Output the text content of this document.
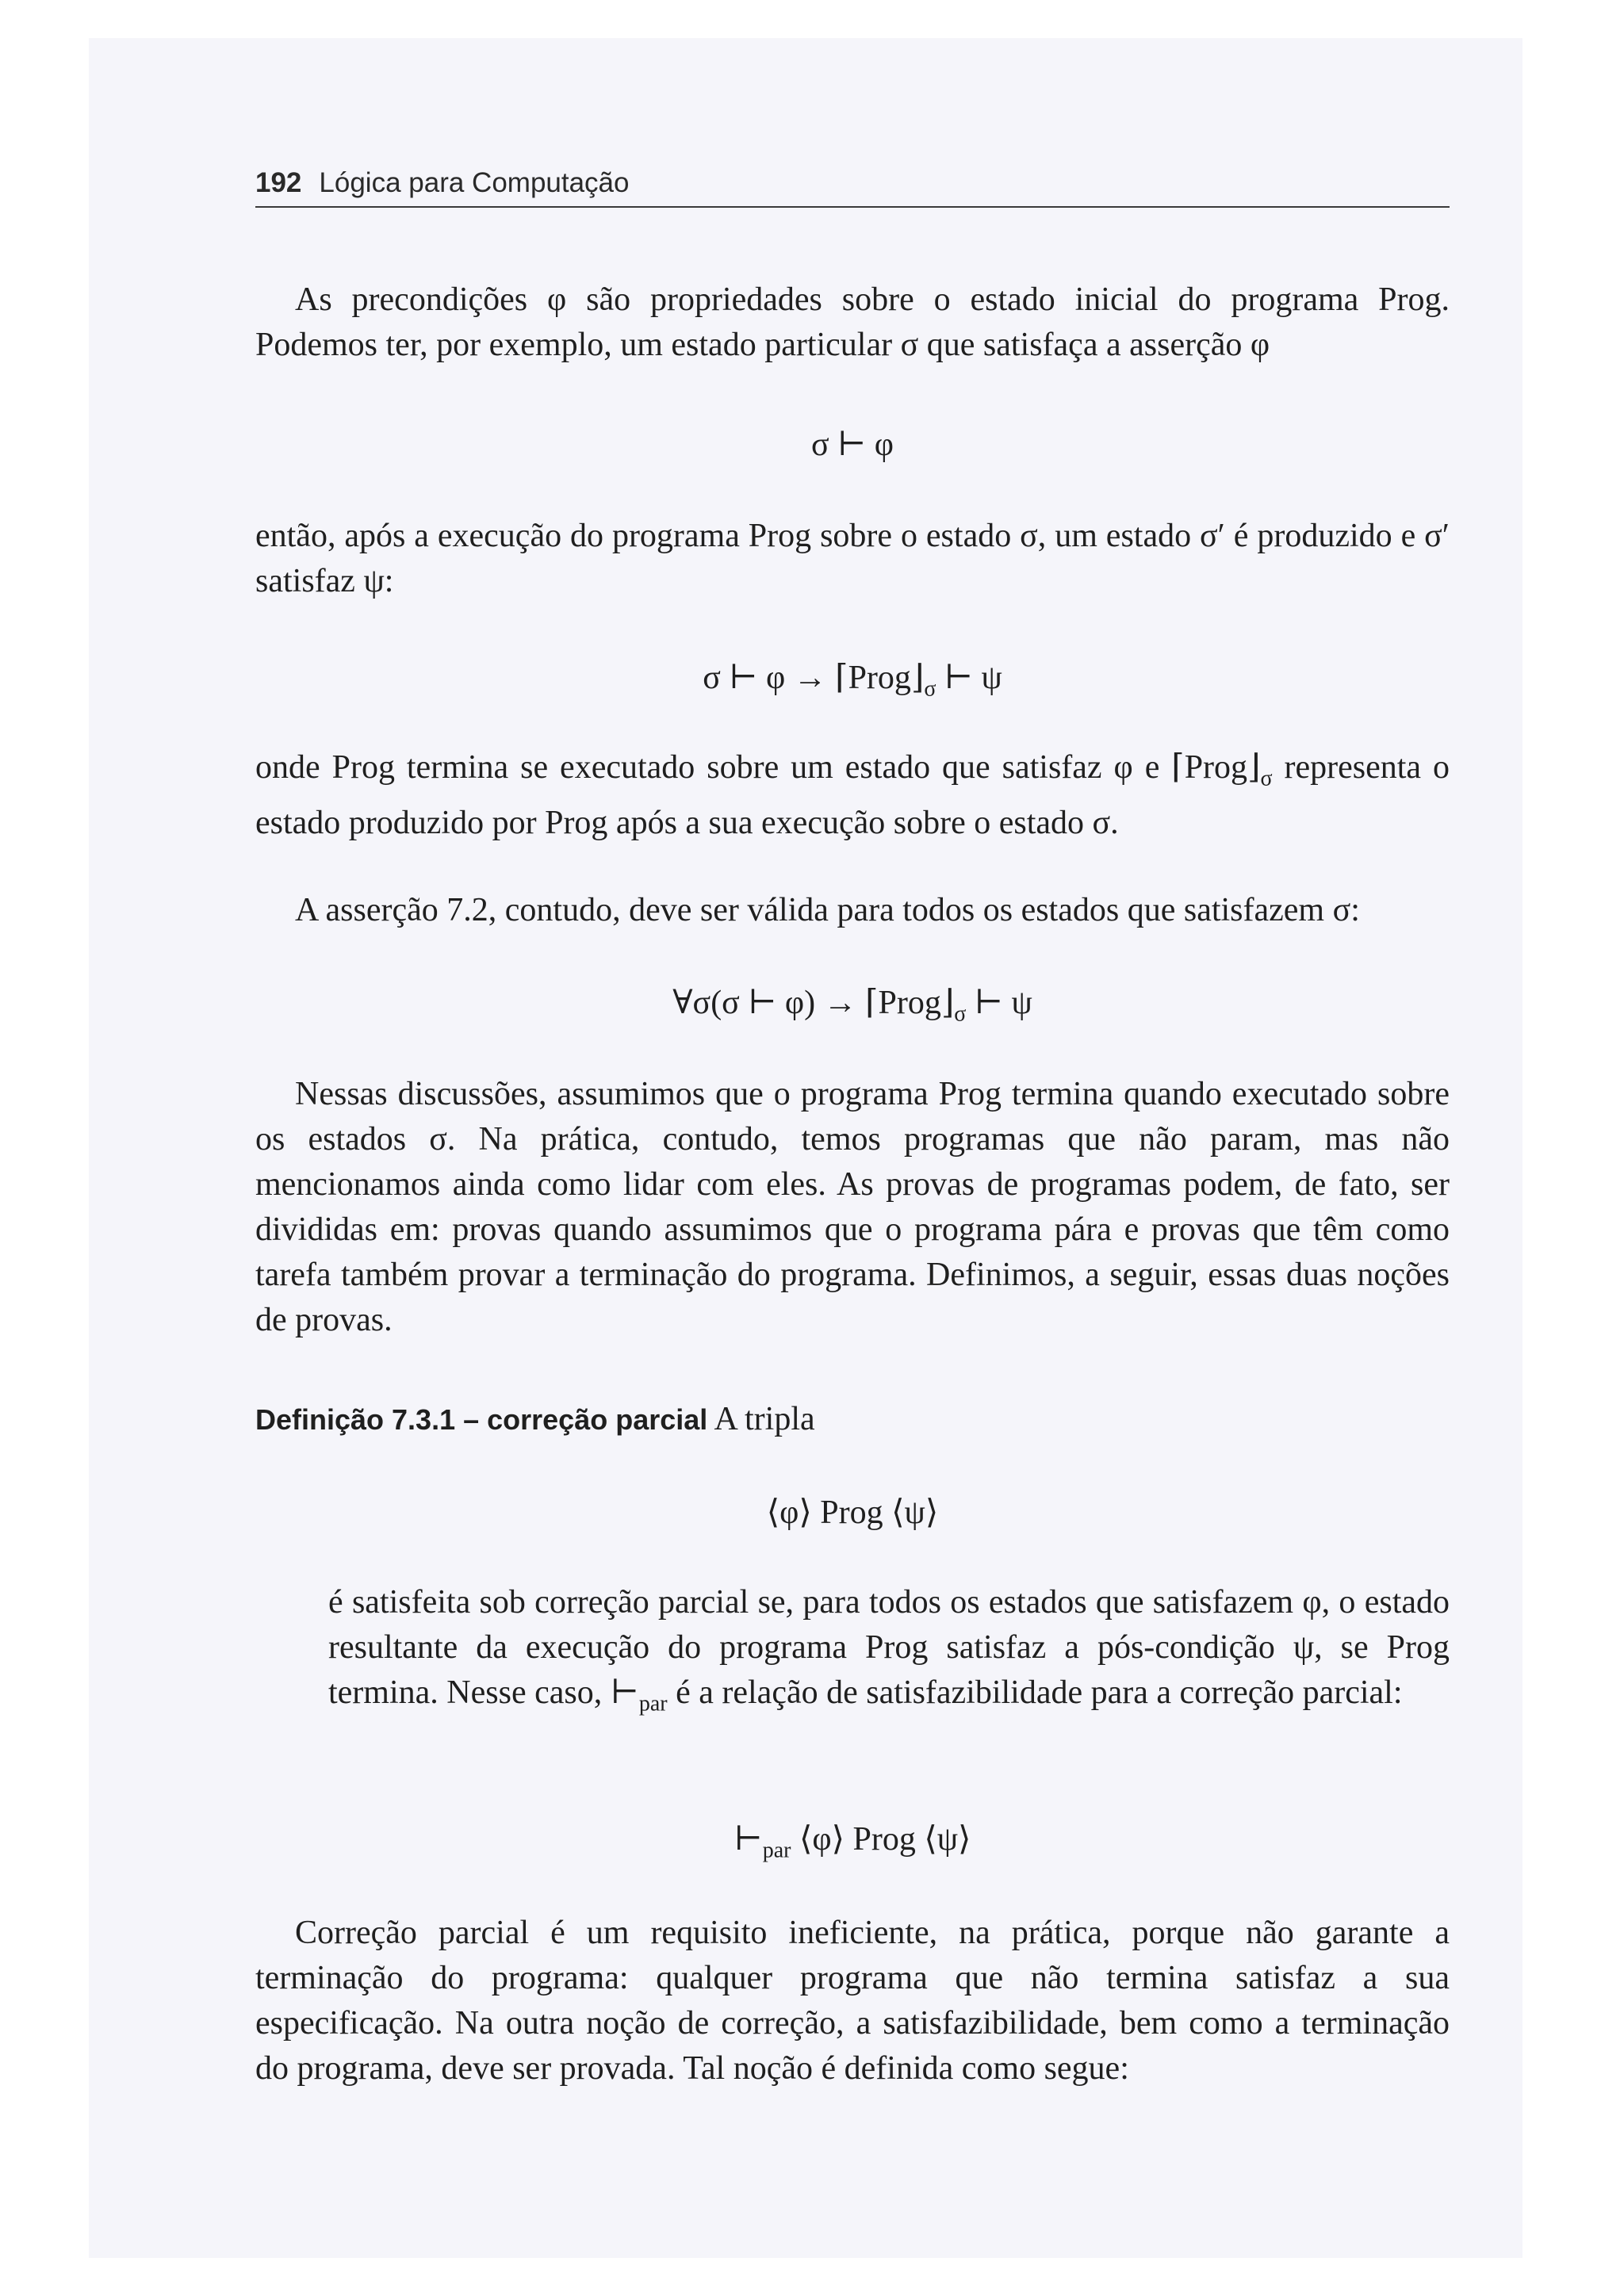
192 Lógica para Computação

As precondições φ são propriedades sobre o estado inicial do programa Prog. Podemos ter, por exemplo, um estado particular σ que satisfaça a asserção φ

σ ⊢ φ

então, após a execução do programa Prog sobre o estado σ, um estado σ′ é produzido e σ′ satisfaz ψ:

σ ⊢ $\varphi \to ⌈Prog⌋_\sigma$ ⊢ ψ

onde Prog termina se executado sobre um estado que satisfaz φ e $⌈Prog⌋_\sigma$ representa o estado produzido por Prog após a sua execução sobre o estado σ.

A asserção 7.2, contudo, deve ser válida para todos os estados que satisfazem σ:

∀σ(σ ⊢ $\varphi) \to ⌈Prog⌋_\sigma$ ⊢ ψ

Nessas discussões, assumimos que o programa Prog termina quando executado sobre os estados σ. Na prática, contudo, temos programas que não param, mas não mencionamos ainda como lidar com eles. As provas de programas podem, de fato, ser divididas em: provas quando assumimos que o programa pára e provas que têm como tarefa também provar a terminação do programa. Definimos, a seguir, essas duas noções de provas.

Definição 7.3.1 – correção parcial A tripla

⟨φ⟩ Prog ⟨ψ⟩

é satisfeita sob correção parcial se, para todos os estados que satisfazem φ, o estado resultante da execução do programa Prog satisfaz a pós-condição ψ, se Prog termina. Nesse caso, $⊢_{par}$ é a relação de satisfazibilidade para a correção parcial:

$⊢_{par}$ ⟨φ⟩ Prog ⟨ψ⟩

Correção parcial é um requisito ineficiente, na prática, porque não garante a terminação do programa: qualquer programa que não termina satisfaz a sua especificação. Na outra noção de correção, a satisfazibilidade, bem como a terminação do programa, deve ser provada. Tal noção é definida como segue:
